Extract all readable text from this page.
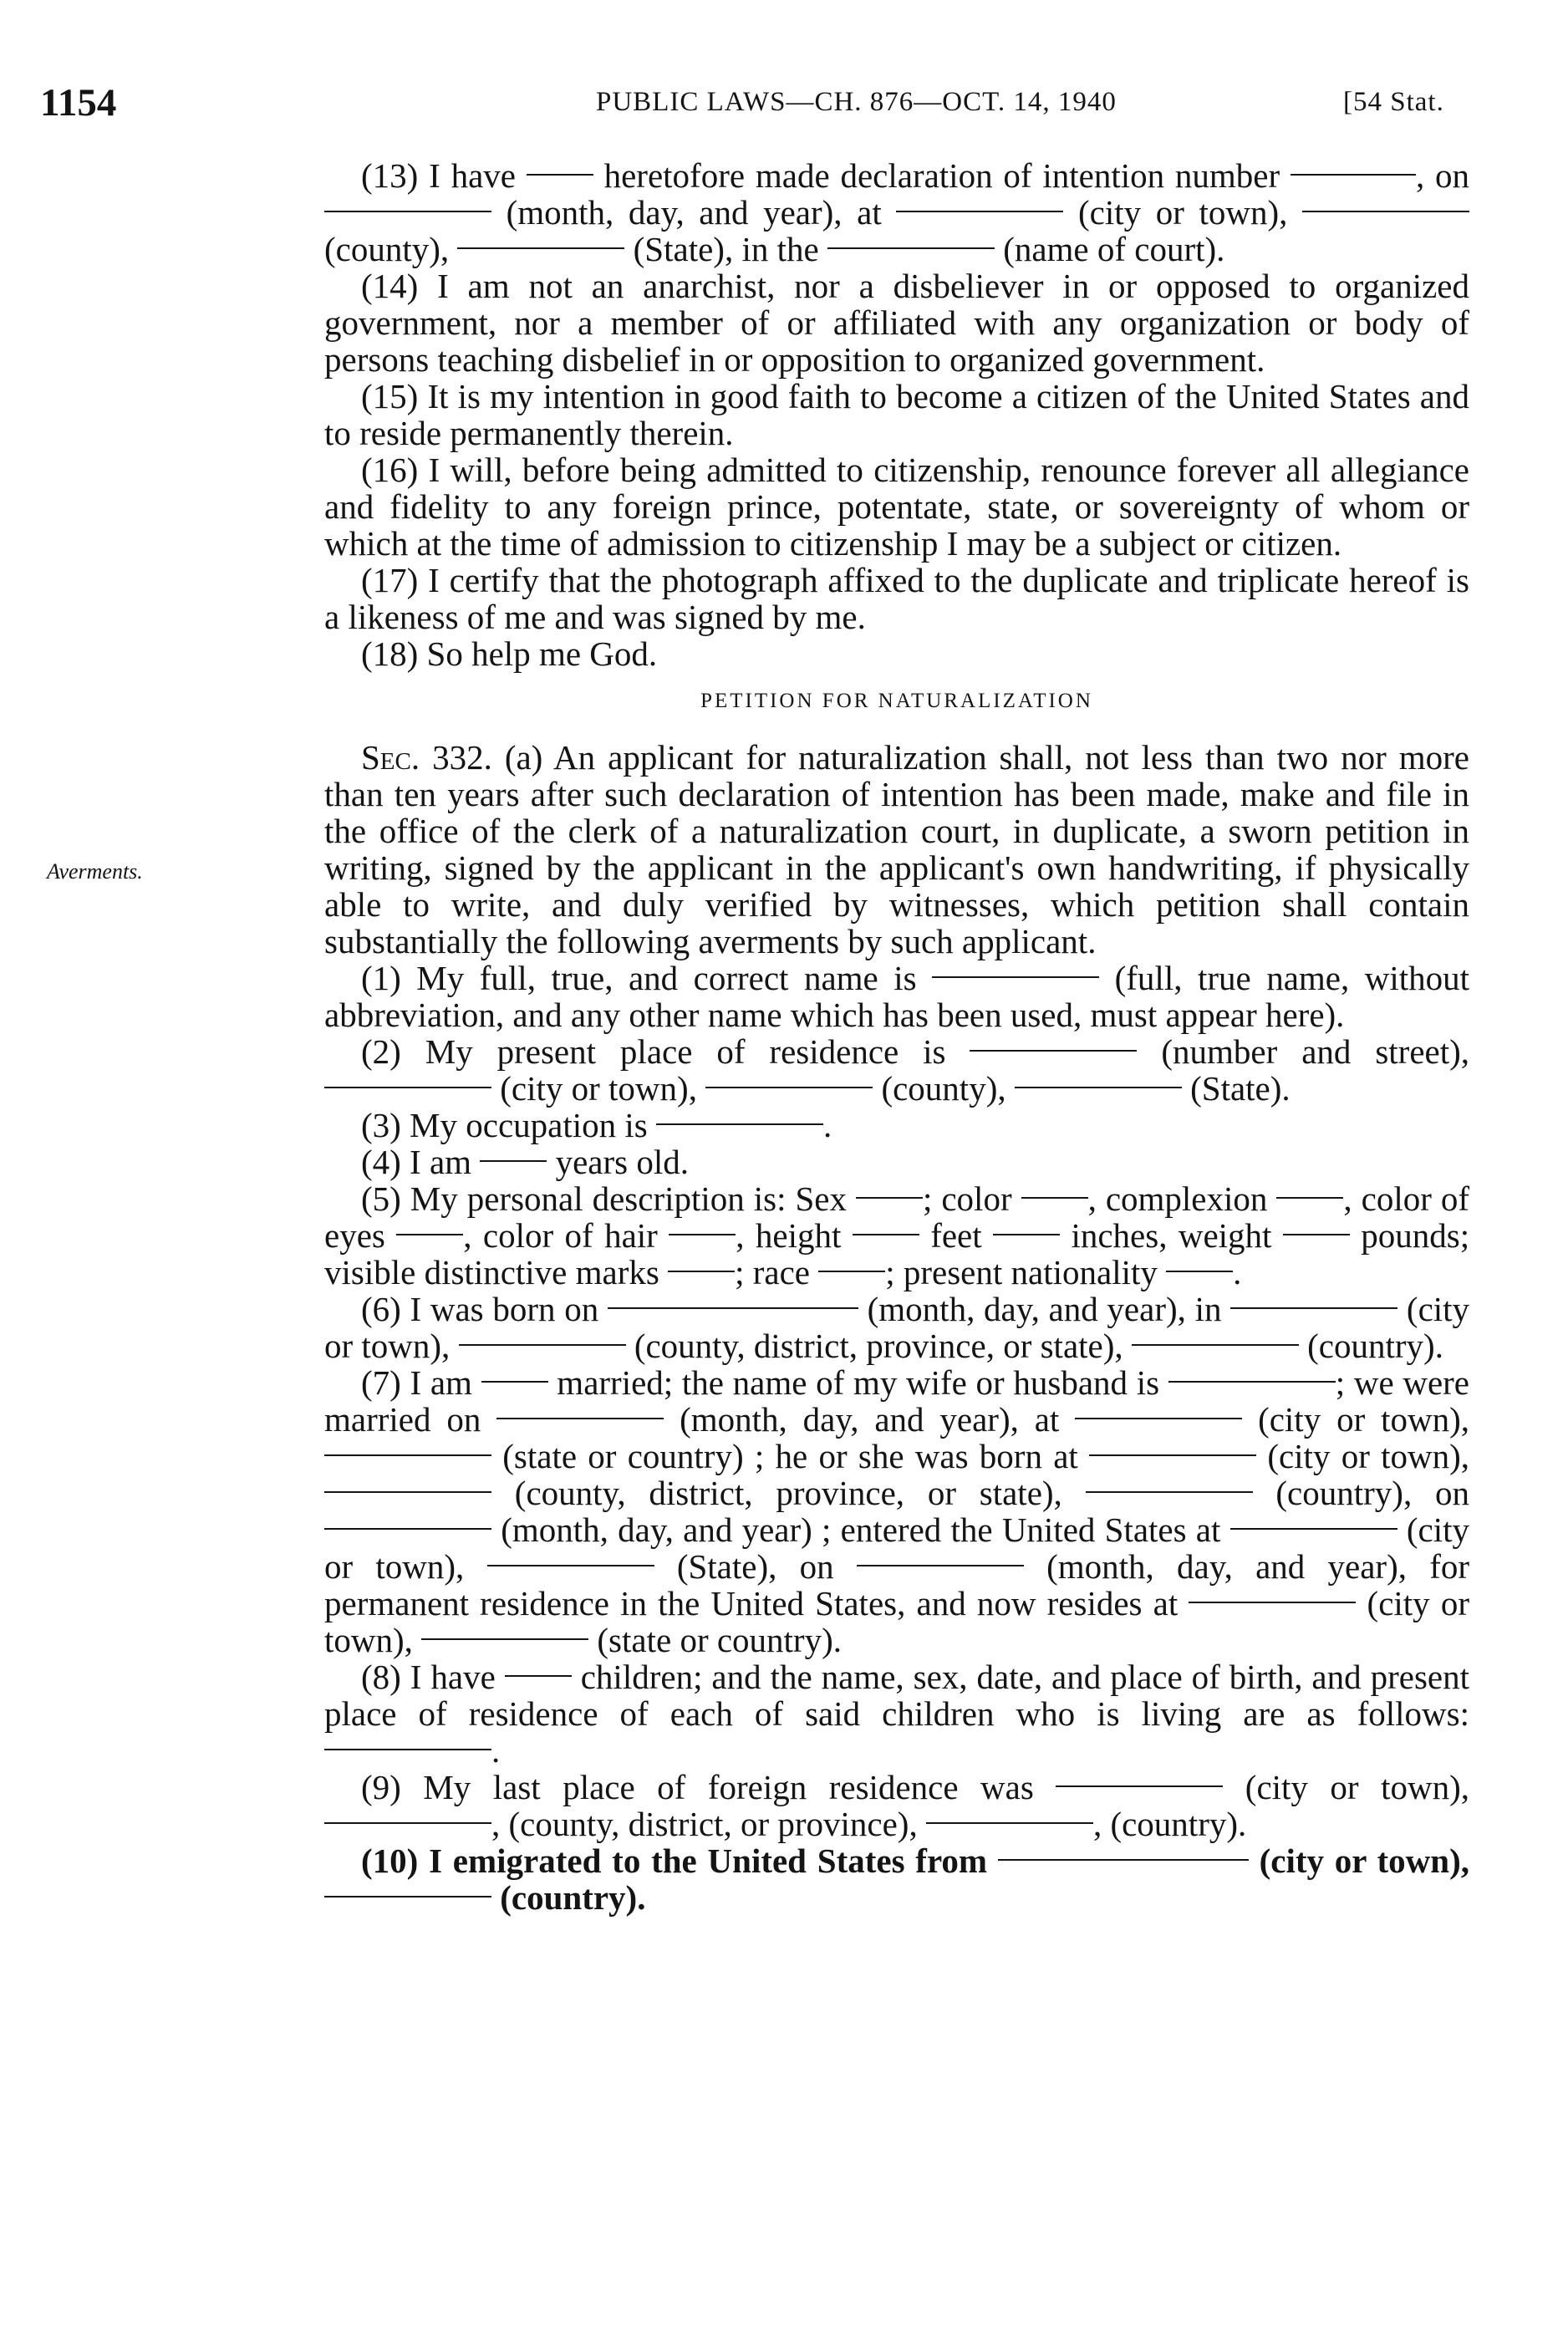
1154	PUBLIC LAWS—CH. 876—OCT. 14, 1940	[54 Stat.
Averments.

(13) I have	heretofore made declaration of intention number	, on  (month, day, and year), at	(city or town),  (county),	(State), in the	(name of court).

(14) I am not an anarchist, nor a disbeliever in or opposed to organized government, nor a member of or affiliated with any organization or body of persons teaching disbelief in or opposition to organized government.

(15) It is my intention in good faith to become a citizen of the United States and to reside permanently therein.

(16) I will, before being admitted to citizenship, renounce forever all allegiance and fidelity to any foreign prince, potentate, state, or sovereignty of whom or which at the time of admission to citizenship I may be a subject or citizen.

(17) I certify that the photograph affixed to the duplicate and triplicate hereof is a likeness of me and was signed by me.

(18) So help me God.

PETITION FOR NATURALIZATION

Sec. 332. (a) An applicant for naturalization shall, not less than two nor more than ten years after such declaration of intention has been made, make and file in the office of the clerk of a naturalization court, in duplicate, a sworn petition in writing, signed by the applicant in the applicant's own handwriting, if physically able to write, and duly verified by witnesses, which petition shall contain substantially the following averments by such applicant.

(1) My full, true, and correct name is	(full, true name, without abbreviation, and any other name which has been used, must appear here).

(2) My present place of residence is	(number and street),  (city or town),	(county),	(State).

(3) My occupation is	.

(4) I am years old.

(5) My personal description is: Sex ; color , complexion , color of eyes , color of hair , height	feet	inches, weight	pounds; visible distinctive marks ; race ; present nationality .

(6) I was born on	(month, day, and year), in	(city or town),	(county, district, province, or state),	(country).

(7) I am married; the name of my wife or husband is	; we were married on	(month, day, and year), at	(city or town),  (state or country) ; he or she was born at	(city or town),  (county, district, province, or state),	(country), on  (month, day, and year) ; entered the United States at	(city or town),	(State), on	(month, day, and year), for permanent residence in the United States, and now resides at	(city or town),	(state or country).

(8) I have children; and the name, sex, date, and place of birth, and present place of residence of each of said children who is living are as follows: .

(9) My last place of foreign residence was	(city or town), , (county, district, or province),	, (country).

(10) I emigrated to the United States from	(city or town),  (country).
